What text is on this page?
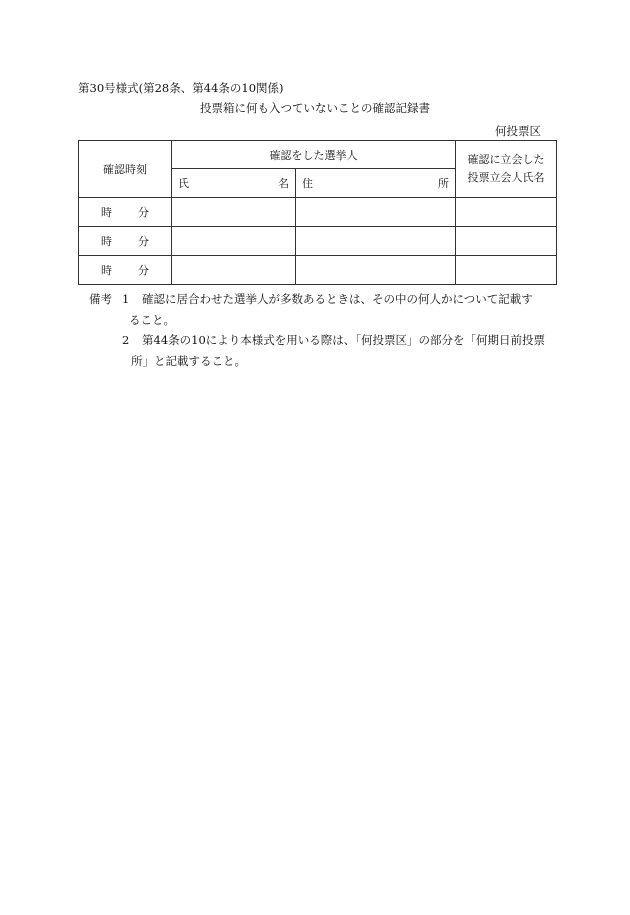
第30号様式(第28条、第44条の10関係)
投票箱に何も入つていないことの確認記録書
何投票区
確認時刻	確認をした選挙人		確認に立会した
投票立会人氏名

	氏 名	住 所	

時 分			
時 分			
時 分			
備考 1 確認に居合わせた選挙人が多数あるときは、その中の何人かについて記載す
ること。
2 第44条の10により本様式を用いる際は、「何投票区」の部分を「何期日前投票
所」と記載すること。
